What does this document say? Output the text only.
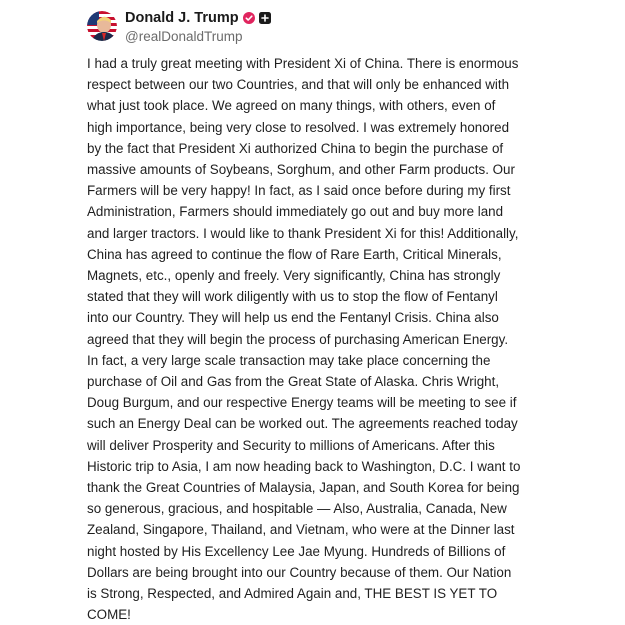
Donald J. Trump
@realDonaldTrump
I had a truly great meeting with President Xi of China. There is enormous
respect between our two Countries, and that will only be enhanced with
what just took place. We agreed on many things, with others, even of
high importance, being very close to resolved. I was extremely honored
by the fact that President Xi authorized China to begin the purchase of
massive amounts of Soybeans, Sorghum, and other Farm products. Our
Farmers will be very happy! In fact, as I said once before during my first
Administration, Farmers should immediately go out and buy more land
and larger tractors. I would like to thank President Xi for this! Additionally,
China has agreed to continue the flow of Rare Earth, Critical Minerals,
Magnets, etc., openly and freely. Very significantly, China has strongly
stated that they will work diligently with us to stop the flow of Fentanyl
into our Country. They will help us end the Fentanyl Crisis. China also
agreed that they will begin the process of purchasing American Energy.
In fact, a very large scale transaction may take place concerning the
purchase of Oil and Gas from the Great State of Alaska. Chris Wright,
Doug Burgum, and our respective Energy teams will be meeting to see if
such an Energy Deal can be worked out. The agreements reached today
will deliver Prosperity and Security to millions of Americans. After this
Historic trip to Asia, I am now heading back to Washington, D.C. I want to
thank the Great Countries of Malaysia, Japan, and South Korea for being
so generous, gracious, and hospitable — Also, Australia, Canada, New
Zealand, Singapore, Thailand, and Vietnam, who were at the Dinner last
night hosted by His Excellency Lee Jae Myung. Hundreds of Billions of
Dollars are being brought into our Country because of them. Our Nation
is Strong, Respected, and Admired Again and, THE BEST IS YET TO
COME!
